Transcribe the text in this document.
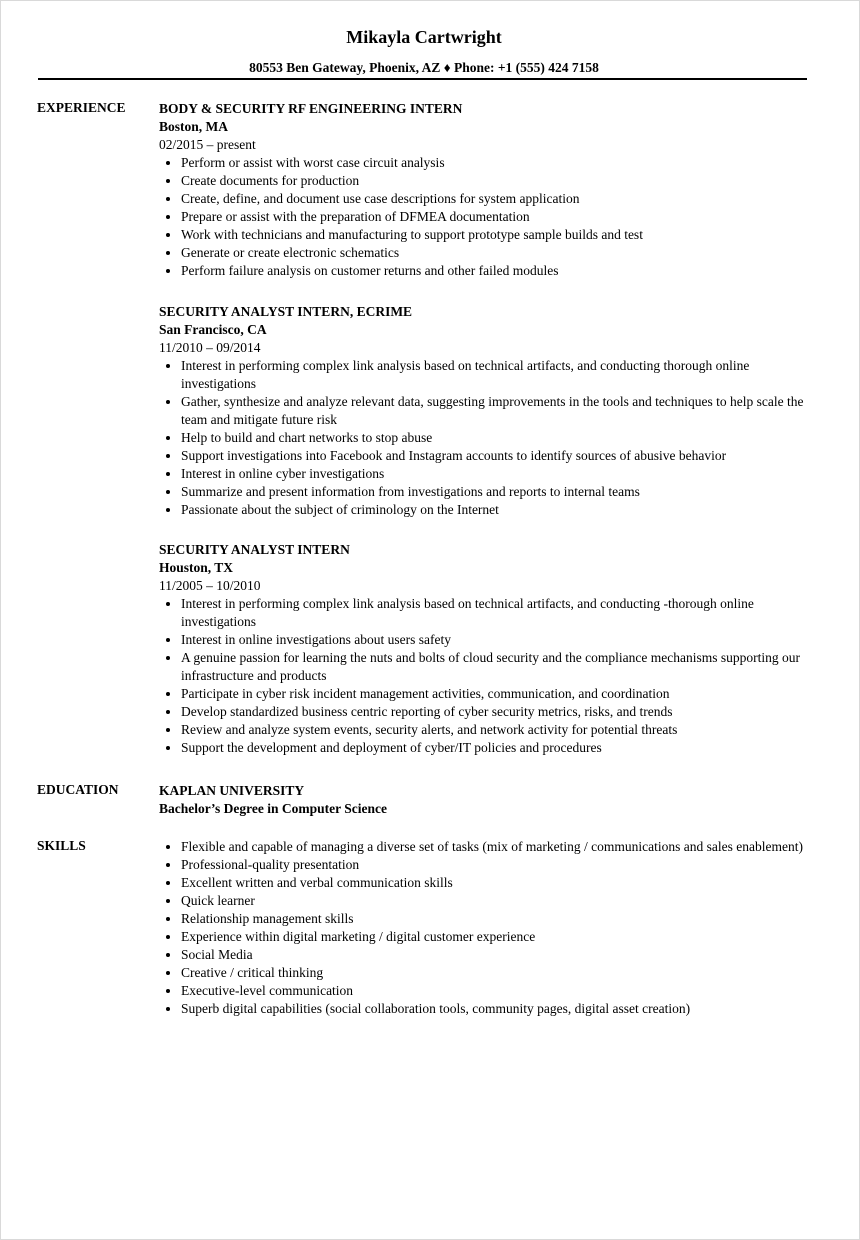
Mikayla Cartwright
80553 Ben Gateway, Phoenix, AZ ♦ Phone: +1 (555) 424 7158
EXPERIENCE BODY & SECURITY RF ENGINEERING INTERN
Boston, MA
02/2015 – present
• Perform or assist with worst case circuit analysis
• Create documents for production
• Create, define, and document use case descriptions for system application
• Prepare or assist with the preparation of DFMEA documentation
• Work with technicians and manufacturing to support prototype sample builds and test
• Generate or create electronic schematics
• Perform failure analysis on customer returns and other failed modules
SECURITY ANALYST INTERN, ECRIME
San Francisco, CA
11/2010 – 09/2014
• Interest in performing complex link analysis based on technical artifacts, and conducting thorough online investigations
• Gather, synthesize and analyze relevant data, suggesting improvements in the tools and techniques to help scale the team and mitigate future risk
• Help to build and chart networks to stop abuse
• Support investigations into Facebook and Instagram accounts to identify sources of abusive behavior
• Interest in online cyber investigations
• Summarize and present information from investigations and reports to internal teams
• Passionate about the subject of criminology on the Internet
SECURITY ANALYST INTERN
Houston, TX
11/2005 – 10/2010
• Interest in performing complex link analysis based on technical artifacts, and conducting -thorough online investigations
• Interest in online investigations about users safety
• A genuine passion for learning the nuts and bolts of cloud security and the compliance mechanisms supporting our infrastructure and products
• Participate in cyber risk incident management activities, communication, and coordination
• Develop standardized business centric reporting of cyber security metrics, risks, and trends
• Review and analyze system events, security alerts, and network activity for potential threats
• Support the development and deployment of cyber/IT policies and procedures
EDUCATION	KAPLAN UNIVERSITY
Bachelor’s Degree in Computer Science
SKILLS	• Flexible and capable of managing a diverse set of tasks (mix of marketing / communications and sales enablement)
• Professional-quality presentation
• Excellent written and verbal communication skills
• Quick learner
• Relationship management skills
• Experience within digital marketing / digital customer experience
• Social Media
• Creative / critical thinking
• Executive-level communication
• Superb digital capabilities (social collaboration tools, community pages, digital asset creation)
